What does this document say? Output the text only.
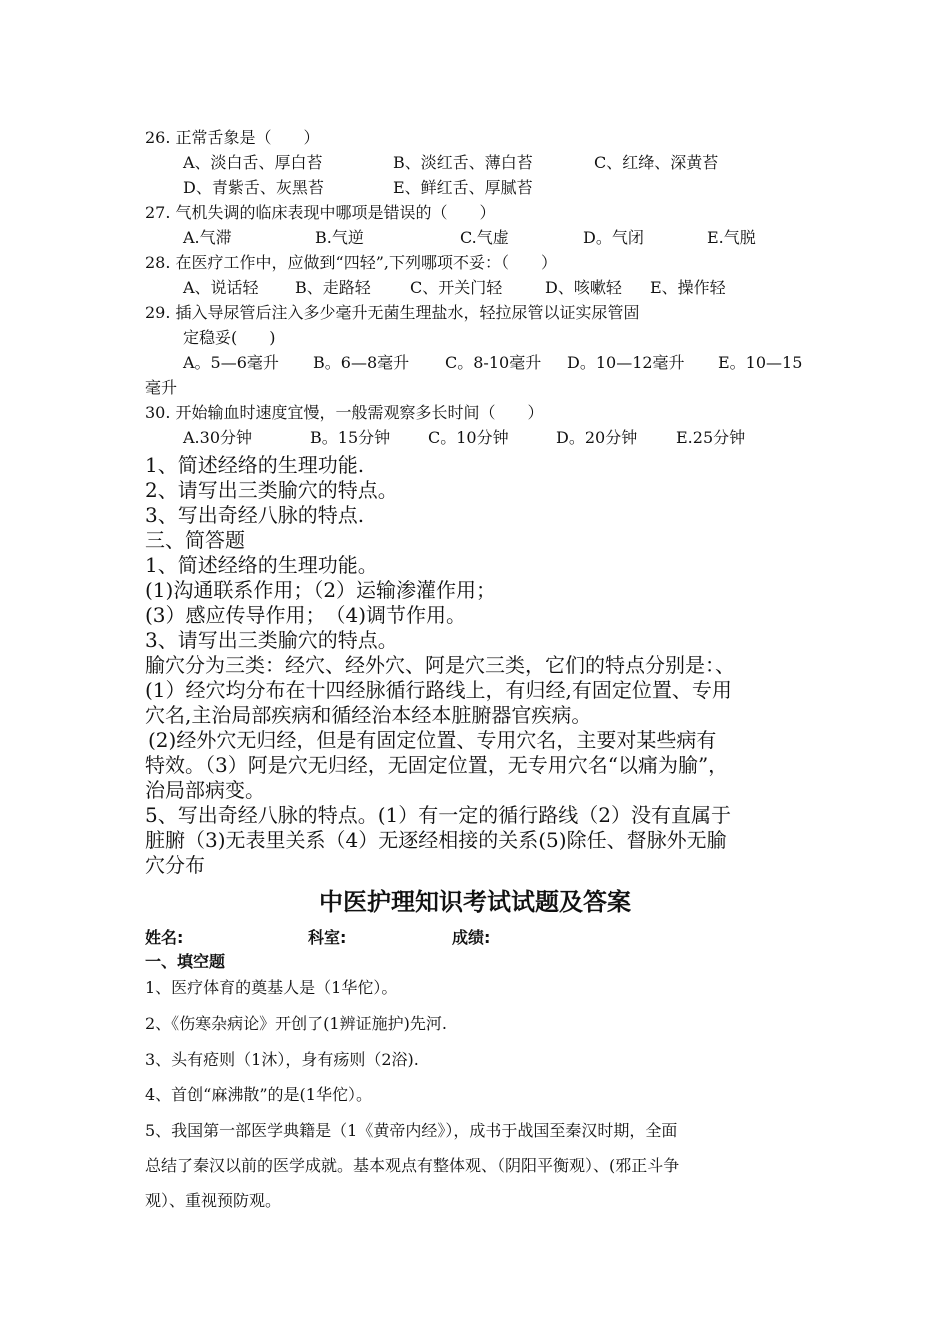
26. 正常舌象是（　　）
A、淡白舌、厚白苔	B、淡红舌、薄白苔	C、红绛、深黄苔
D、青紫舌、灰黑苔	E、鲜红舌、厚腻苔
27. 气机失调的临床表现中哪项是错误的（　　）
A.气滞	B.气逆	C.气虚	D。气闭	E.气脱
28. 在医疗工作中，应做到“四轻”,下列哪项不妥：（　　）
A、说话轻 B、走路轻 C、开关门轻	D、咳嗽轻 E、操作轻
29. 插入导尿管后注入多少毫升无菌生理盐水，轻拉尿管以证实尿管固
定稳妥(　　)
A。5—6毫升 B。6—8毫升 C。8-10毫升 D。10—12毫升 E。10—15
毫升
30. 开始输血时速度宜慢，一般需观察多长时间（　　）
A.30分钟	B。15分钟 C。10分钟	D。20分钟 E.25分钟
1、简述经络的生理功能.
2、请写出三类腧穴的特点。
3、写出奇经八脉的特点.
三、简答题
1、简述经络的生理功能。
(1)沟通联系作用；（2）运输渗灌作用；
(3）感应传导作用；　（4)调节作用。
3、请写出三类腧穴的特点。
腧穴分为三类：经穴、经外穴、阿是穴三类，它们的特点分别是：、
(1）经穴均分布在十四经脉循行路线上，有归经,有固定位置、专用
穴名,主治局部疾病和循经治本经本脏腑器官疾病。
(2)经外穴无归经，但是有固定位置、专用穴名，主要对某些病有
特效。（3）阿是穴无归经，无固定位置，无专用穴名“以痛为腧”，
治局部病变。
5、写出奇经八脉的特点。(1）有一定的循行路线（2）没有直属于
脏腑（3)无表里关系（4）无逐经相接的关系(5)除任、督脉外无腧
穴分布
中医护理知识考试试题及答案
姓名:	科室:	成绩:
一、填空题
1、医疗体育的奠基人是（1华佗）。
2、《伤寒杂病论》开创了(1辨证施护)先河.
3、头有疮则（1沐），身有疡则（2浴).
4、首创“麻沸散”的是(1华佗）。
5、我国第一部医学典籍是（1《黄帝内经》），成书于战国至秦汉时期，全面
总结了秦汉以前的医学成就。基本观点有整体观、（阴阳平衡观）、(邪正斗争
观）、重视预防观。
